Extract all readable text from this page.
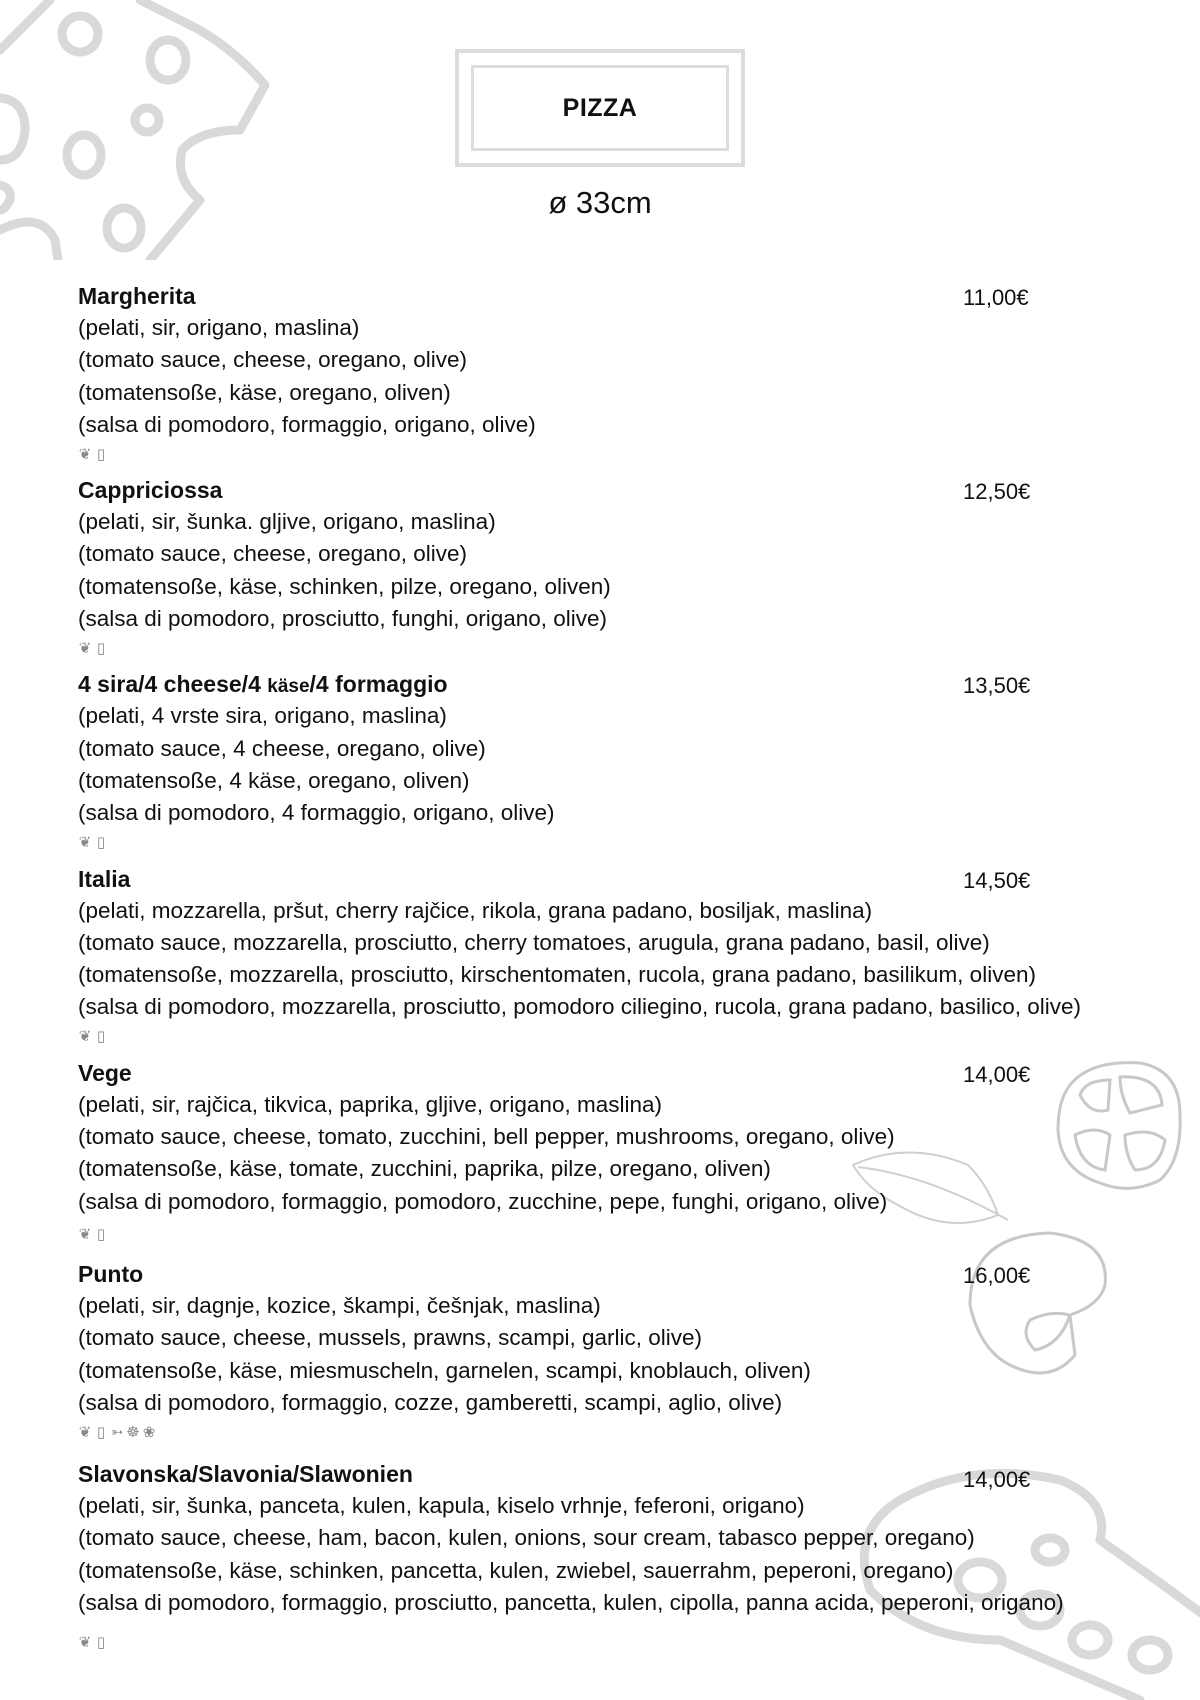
PIZZA
ø 33cm
Margherita	11,00€
(pelati, sir, origano, maslina)
(tomato sauce, cheese, oregano, olive)
(tomatensoße, käse, oregano, oliven)
(salsa di pomodoro, formaggio, origano, olive)
❦ ▯
Cappriciossa	12,50€
(pelati, sir, šunka. gljive, origano, maslina)
(tomato sauce, cheese, oregano, olive)
(tomatensoße, käse, schinken, pilze, oregano, oliven)
(salsa di pomodoro, prosciutto, funghi, origano, olive)
❦ ▯
4 sira/4 cheese/4 käse/4 formaggio	13,50€
(pelati, 4 vrste sira, origano, maslina)
(tomato sauce, 4 cheese, oregano, olive)
(tomatensoße, 4 käse, oregano, oliven)
(salsa di pomodoro, 4 formaggio, origano, olive)
❦ ▯
Italia	14,50€
(pelati, mozzarella, pršut, cherry rajčice, rikola, grana padano, bosiljak, maslina)
(tomato sauce, mozzarella, prosciutto, cherry tomatoes, arugula, grana padano, basil, olive)
(tomatensoße, mozzarella, prosciutto, kirschentomaten, rucola, grana padano, basilikum, oliven)
(salsa di pomodoro, mozzarella, prosciutto, pomodoro ciliegino, rucola, grana padano, basilico, olive)
❦ ▯
Vege	14,00€
(pelati, sir, rajčica, tikvica, paprika, gljive, origano, maslina)
(tomato sauce, cheese, tomato, zucchini, bell pepper, mushrooms, oregano, olive)
(tomatensoße, käse, tomate, zucchini, paprika, pilze, oregano, oliven)
(salsa di pomodoro, formaggio, pomodoro, zucchine, pepe, funghi, origano, olive)
❦ ▯
Punto	16,00€
(pelati, sir, dagnje, kozice, škampi, češnjak, maslina)
(tomato sauce, cheese, mussels, prawns, scampi, garlic, olive)
(tomatensoße, käse, miesmuscheln, garnelen, scampi, knoblauch, oliven)
(salsa di pomodoro, formaggio, cozze, gamberetti, scampi, aglio, olive)
❦ ▯ ➳ ☸ ❀
Slavonska/Slavonia/Slawonien	14,00€
(pelati, sir, šunka, panceta, kulen, kapula, kiselo vrhnje, feferoni, origano)
(tomato sauce, cheese, ham, bacon, kulen, onions, sour cream, tabasco pepper, oregano)
(tomatensoße, käse, schinken, pancetta, kulen, zwiebel, sauerrahm, peperoni, oregano)
(salsa di pomodoro, formaggio, prosciutto, pancetta, kulen, cipolla, panna acida, peperoni, origano)
❦ ▯
